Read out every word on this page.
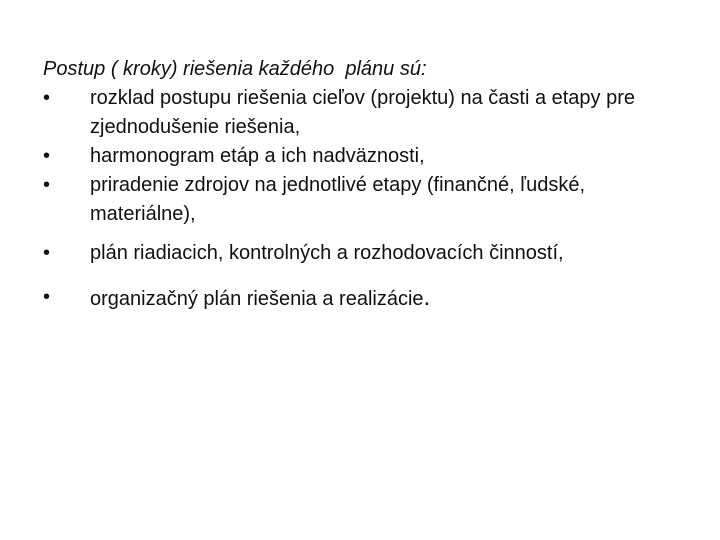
Postup ( kroky) riešenia každého  plánu sú:

•	rozklad postupu riešenia cieľov (projektu) na časti a etapy pre zjednodušenie riešenia,
•	harmonogram etáp a ich nadväznosti,
•	priradenie zdrojov na jednotlivé etapy (finančné, ľudské, materiálne),
•	plán riadiacich, kontrolných a rozhodovacích činností,
•	organizačný plán riešenia a realizácie.
